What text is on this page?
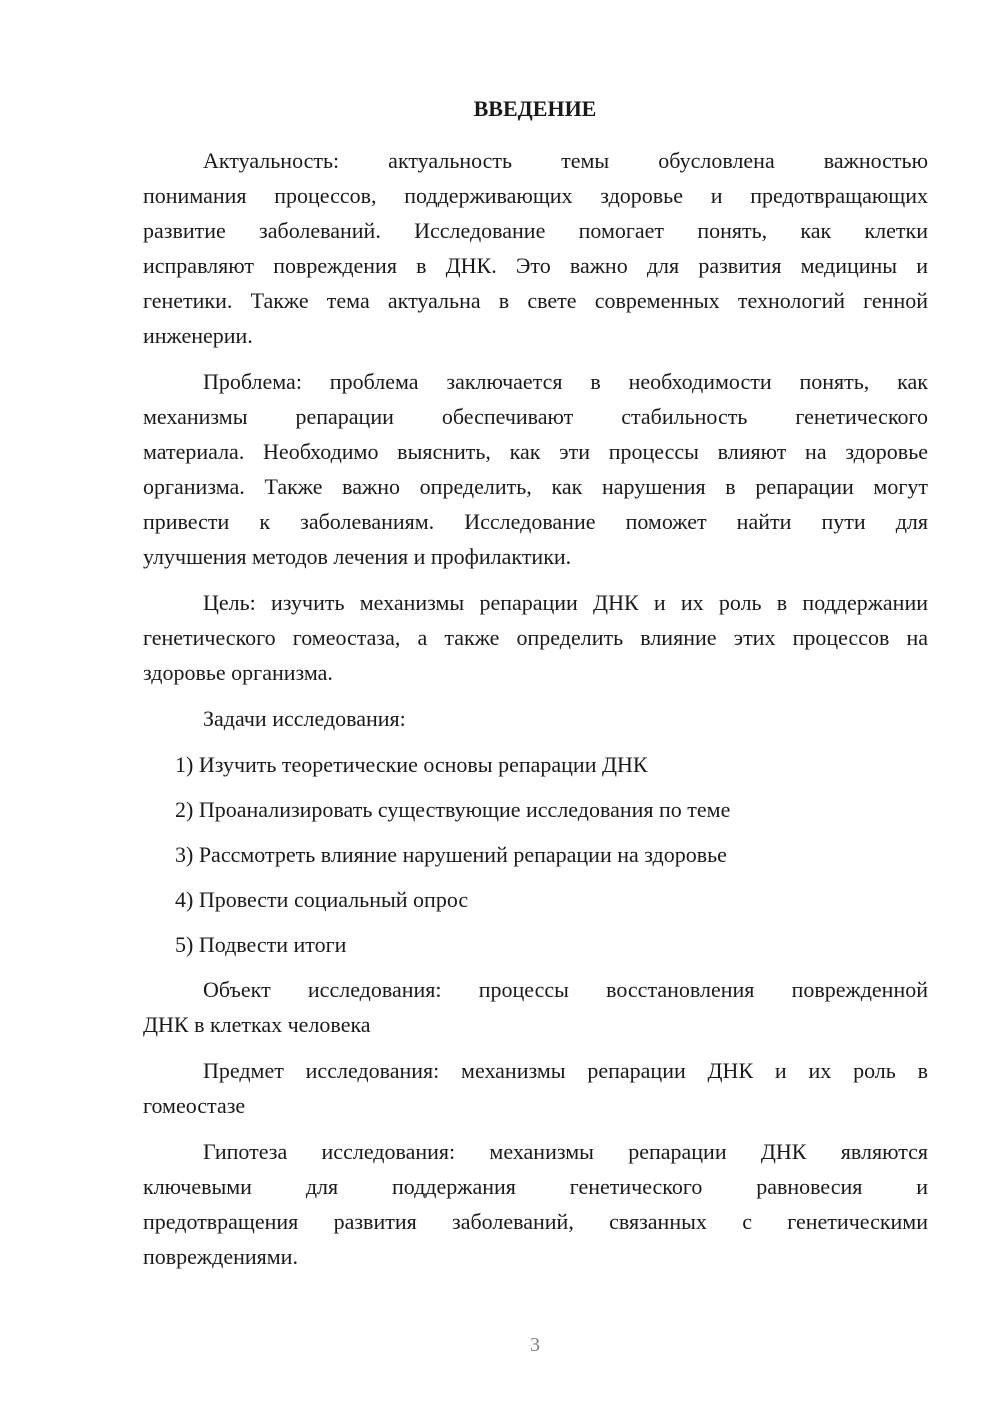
ВВЕДЕНИЕ
Актуальность: актуальность темы обусловлена важностью
понимания процессов, поддерживающих здоровье и предотвращающих
развитие заболеваний. Исследование помогает понять, как клетки
исправляют повреждения в ДНК. Это важно для развития медицины и
генетики. Также тема актуальна в свете современных технологий генной
инженерии.
Проблема: проблема заключается в необходимости понять, как
механизмы репарации обеспечивают стабильность генетического
материала. Необходимо выяснить, как эти процессы влияют на здоровье
организма. Также важно определить, как нарушения в репарации могут
привести к заболеваниям. Исследование поможет найти пути для
улучшения методов лечения и профилактики.
Цель: изучить механизмы репарации ДНК и их роль в поддержании
генетического гомеостаза, а также определить влияние этих процессов на
здоровье организма.
Задачи исследования:
1) Изучить теоретические основы репарации ДНК
2) Проанализировать существующие исследования по теме
3) Рассмотреть влияние нарушений репарации на здоровье
4) Провести социальный опрос
5) Подвести итоги
Объект исследования: процессы восстановления поврежденной
ДНК в клетках человека
Предмет исследования: механизмы репарации ДНК и их роль в
гомеостазе
Гипотеза исследования: механизмы репарации ДНК являются
ключевыми для поддержания генетического равновесия и
предотвращения развития заболеваний, связанных с генетическими
повреждениями.
3
